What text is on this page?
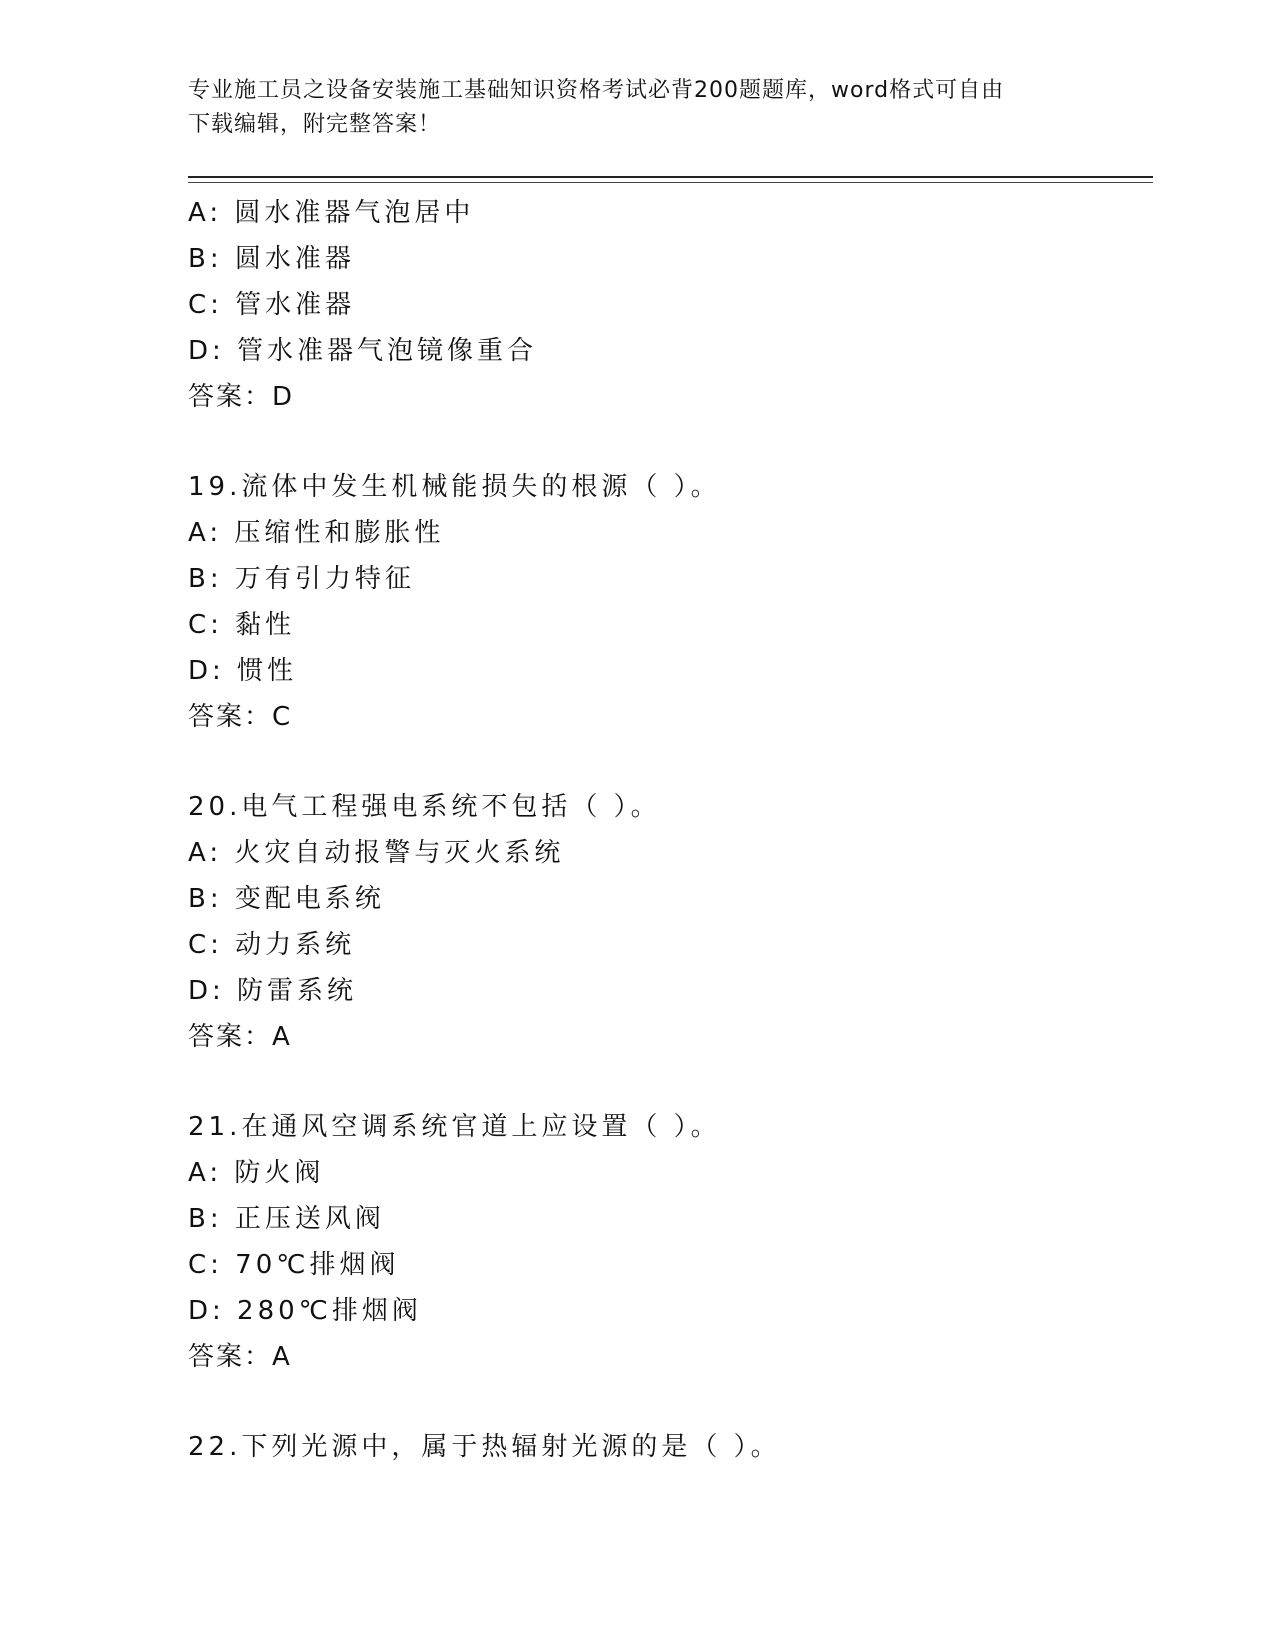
专业施工员之设备安装施工基础知识资格考试必背200题题库，word格式可自由
下载编辑，附完整答案！
A: 圆水准器气泡居中
B: 圆水准器
C: 管水准器
D: 管水准器气泡镜像重合
答案：D
19.流体中发生机械能损失的根源（ ）。
A: 压缩性和膨胀性
B: 万有引力特征
C: 黏性
D: 惯性
答案：C
20.电气工程强电系统不包括（ ）。
A: 火灾自动报警与灭火系统
B: 变配电系统
C: 动力系统
D: 防雷系统
答案：A
21.在通风空调系统官道上应设置（ ）。
A: 防火阀
B: 正压送风阀
C: 70℃排烟阀
D: 280℃排烟阀
答案：A
22.下列光源中，属于热辐射光源的是（ ）。
